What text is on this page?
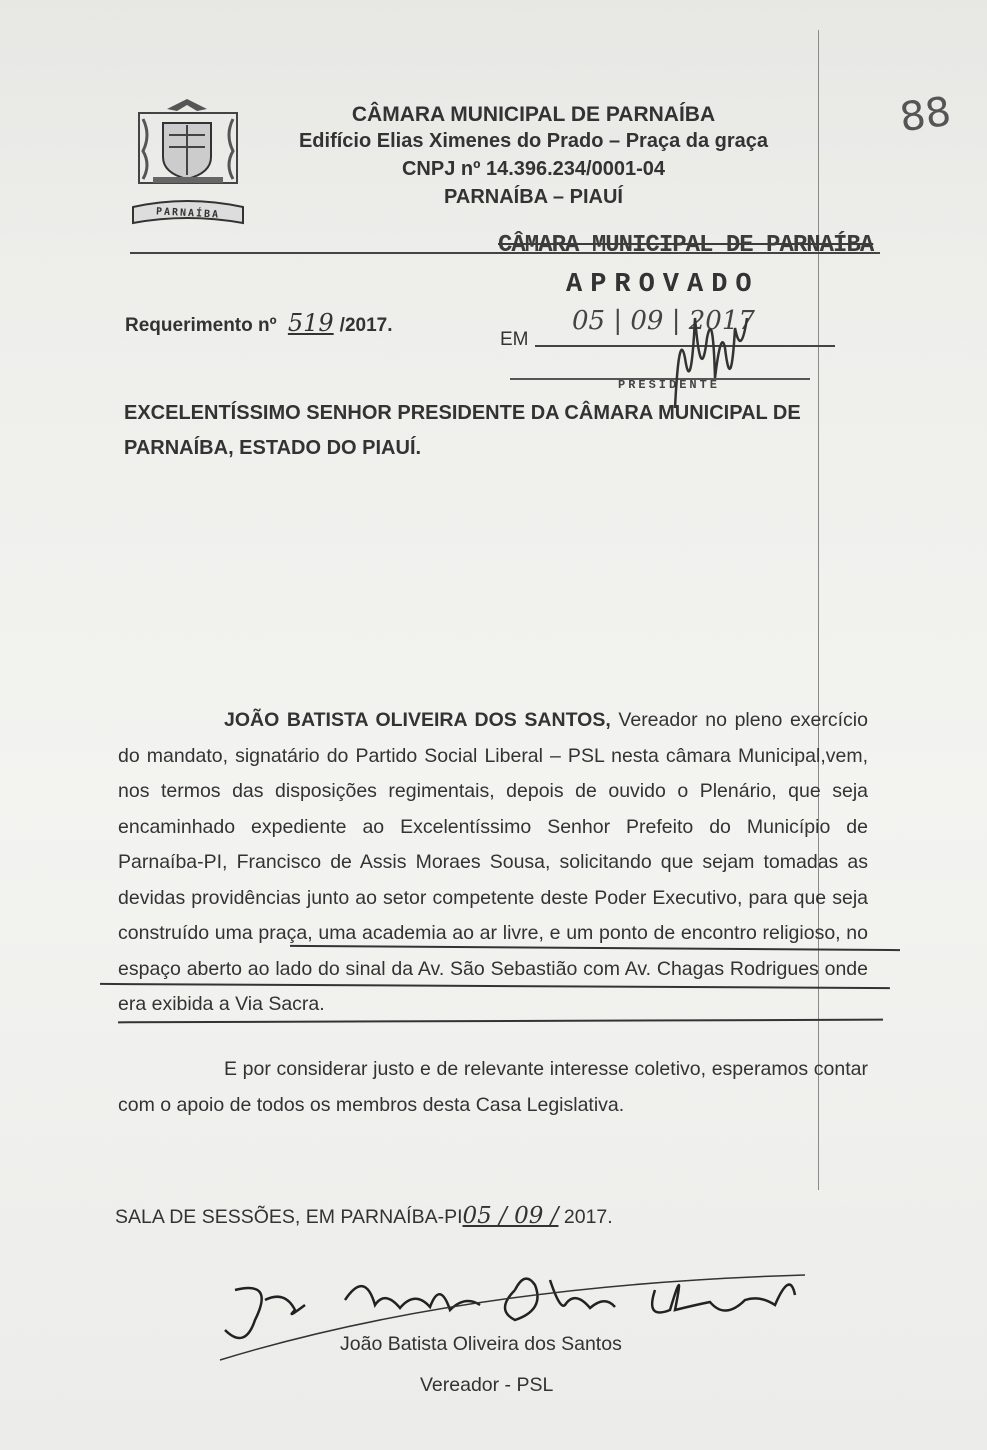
88
PARNAÍBA
CÂMARA MUNICIPAL DE PARNAÍBA
Edifício Elias Ximenes do Prado – Praça da graça
CNPJ nº 14.396.234/0001-04
PARNAÍBA – PIAUÍ
CÂMARA MUNICIPAL DE PARNAÍBA
APROVADO
05 | 09 | 2017
EM
PRESIDENTE
Requerimento nº 519 /2017.
EXCELENTÍSSIMO SENHOR PRESIDENTE DA CÂMARA MUNICIPAL DE
PARNAÍBA, ESTADO DO PIAUÍ.
JOÃO BATISTA OLIVEIRA DOS SANTOS, Vereador no pleno exercício do mandato, signatário do Partido Social Liberal – PSL nesta câmara Municipal,vem, nos termos das disposições regimentais, depois de ouvido o Plenário, que seja encaminhado expediente ao Excelentíssimo Senhor Prefeito do Município de Parnaíba-PI, Francisco de Assis Moraes Sousa, solicitando que sejam tomadas as devidas providências junto ao setor competente deste Poder Executivo, para que seja construído uma praça, uma academia ao ar livre, e um ponto de encontro religioso, no espaço aberto ao lado do sinal da Av. São Sebastião com Av. Chagas Rodrigues onde era exibida a Via Sacra.
E por considerar justo e de relevante interesse coletivo, esperamos contar com o apoio de todos os membros desta Casa Legislativa.
SALA DE SESSÕES, EM PARNAÍBA-PI05 / 09 / 2017.
João Batista Oliveira dos Santos
Vereador - PSL
